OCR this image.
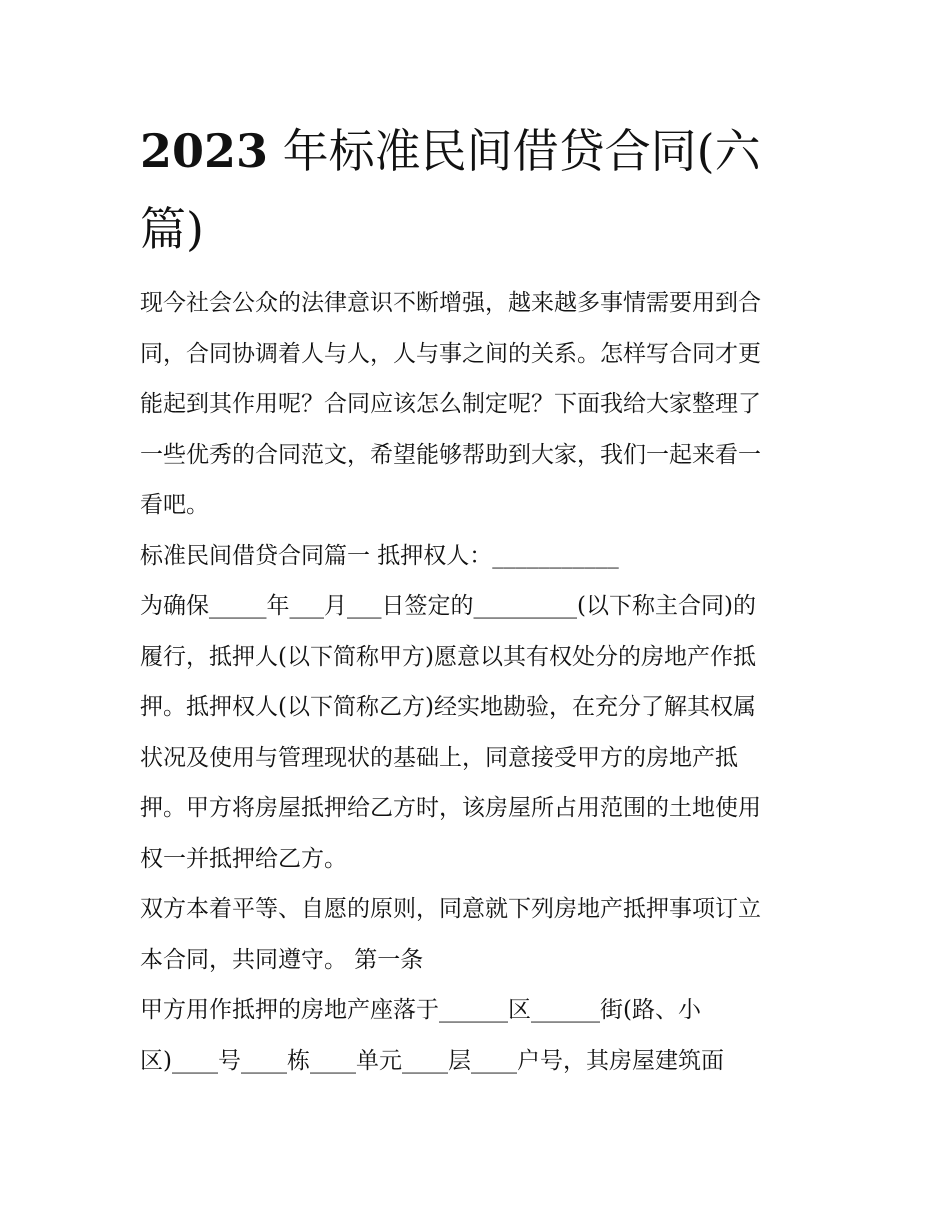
2023 年标准民间借贷合同(六
篇)

现今社会公众的法律意识不断增强，越来越多事情需要用到合

同，合同协调着人与人，人与事之间的关系。怎样写合同才更

能起到其作用呢？合同应该怎么制定呢？下面我给大家整理了

一些优秀的合同范文，希望能够帮助到大家，我们一起来看一

看吧。

标准民间借贷合同篇一 抵押权人：___________

为确保_____年___月___日签定的_________(以下称主合同)的

履行，抵押人(以下简称甲方)愿意以其有权处分的房地产作抵

押。抵押权人(以下简称乙方)经实地勘验，在充分了解其权属

状况及使用与管理现状的基础上，同意接受甲方的房地产抵

押。甲方将房屋抵押给乙方时，该房屋所占用范围的土地使用

权一并抵押给乙方。

双方本着平等、自愿的原则，同意就下列房地产抵押事项订立

本合同，共同遵守。 第一条

甲方用作抵押的房地产座落于______区______街(路、小

区)____号____栋____单元____层____户号，其房屋建筑面
